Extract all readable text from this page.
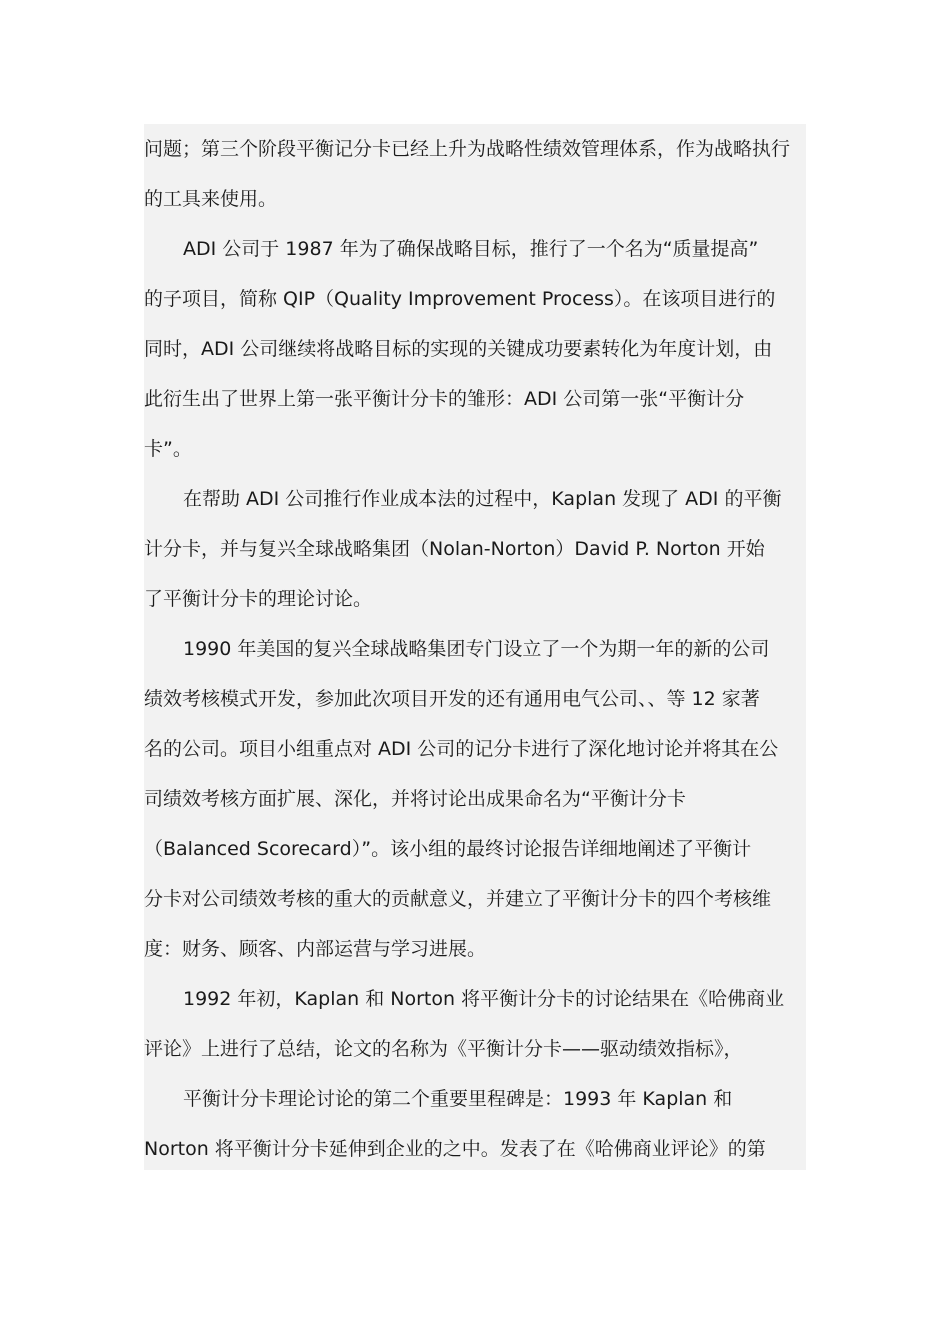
问题；第三个阶段平衡记分卡已经上升为战略性绩效管理体系，作为战略执行
的工具来使用。
ADI 公司于 1987 年为了确保战略目标，推行了一个名为“质量提高”
的子项目，简称 QIP（Quality Improvement Process）。在该项目进行的
同时，ADI 公司继续将战略目标的实现的关键成功要素转化为年度计划，由
此衍生出了世界上第一张平衡计分卡的雏形：ADI 公司第一张“平衡计分
卡”。
在帮助 ADI 公司推行作业成本法的过程中，Kaplan 发现了 ADI 的平衡
计分卡，并与复兴全球战略集团（Nolan-Norton）David P. Norton 开始
了平衡计分卡的理论讨论。
1990 年美国的复兴全球战略集团专门设立了一个为期一年的新的公司
绩效考核模式开发，参加此次项目开发的还有通用电气公司、、等 12 家著
名的公司。项目小组重点对 ADI 公司的记分卡进行了深化地讨论并将其在公
司绩效考核方面扩展、深化，并将讨论出成果命名为“平衡计分卡
（Balanced Scorecard）”。该小组的最终讨论报告详细地阐述了平衡计
分卡对公司绩效考核的重大的贡献意义，并建立了平衡计分卡的四个考核维
度：财务、顾客、内部运营与学习进展。
1992 年初，Kaplan 和 Norton 将平衡计分卡的讨论结果在《哈佛商业
评论》上进行了总结，论文的名称为《平衡计分卡——驱动绩效指标》，
平衡计分卡理论讨论的第二个重要里程碑是：1993 年 Kaplan 和
Norton 将平衡计分卡延伸到企业的之中。发表了在《哈佛商业评论》的第
